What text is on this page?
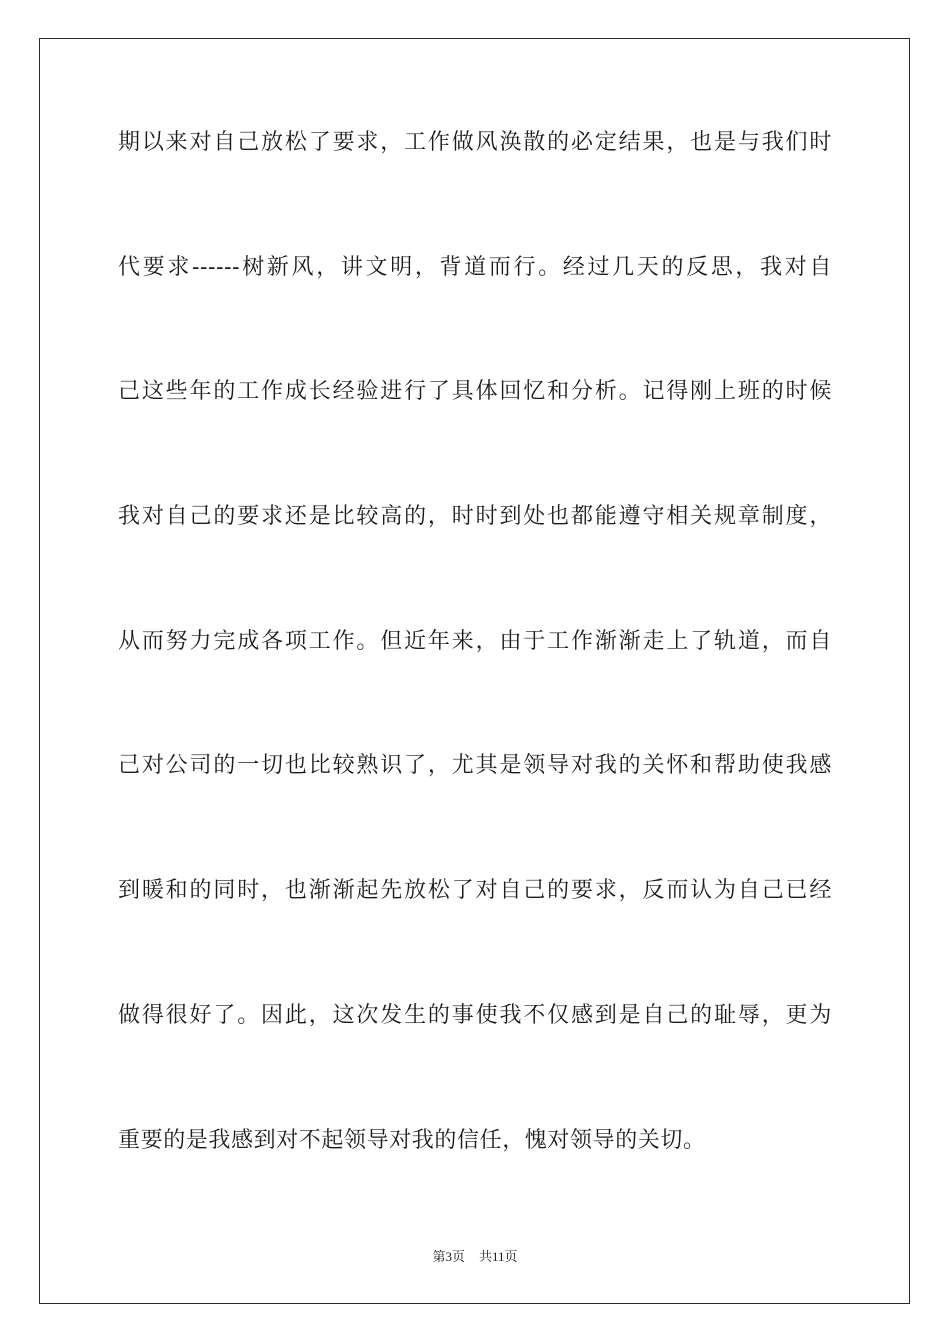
期以来对自己放松了要求，工作做风涣散的必定结果，也是与我们时
代要求------树新风，讲文明，背道而行。经过几天的反思，我对自
己这些年的工作成长经验进行了具体回忆和分析。记得刚上班的时候
我对自己的要求还是比较高的，时时到处也都能遵守相关规章制度，
从而努力完成各项工作。但近年来，由于工作渐渐走上了轨道，而自
己对公司的一切也比较熟识了，尤其是领导对我的关怀和帮助使我感
到暖和的同时，也渐渐起先放松了对自己的要求，反而认为自己已经
做得很好了。因此，这次发生的事使我不仅感到是自己的耻辱，更为
重要的是我感到对不起领导对我的信任，愧对领导的关切。
第3页 共11页
